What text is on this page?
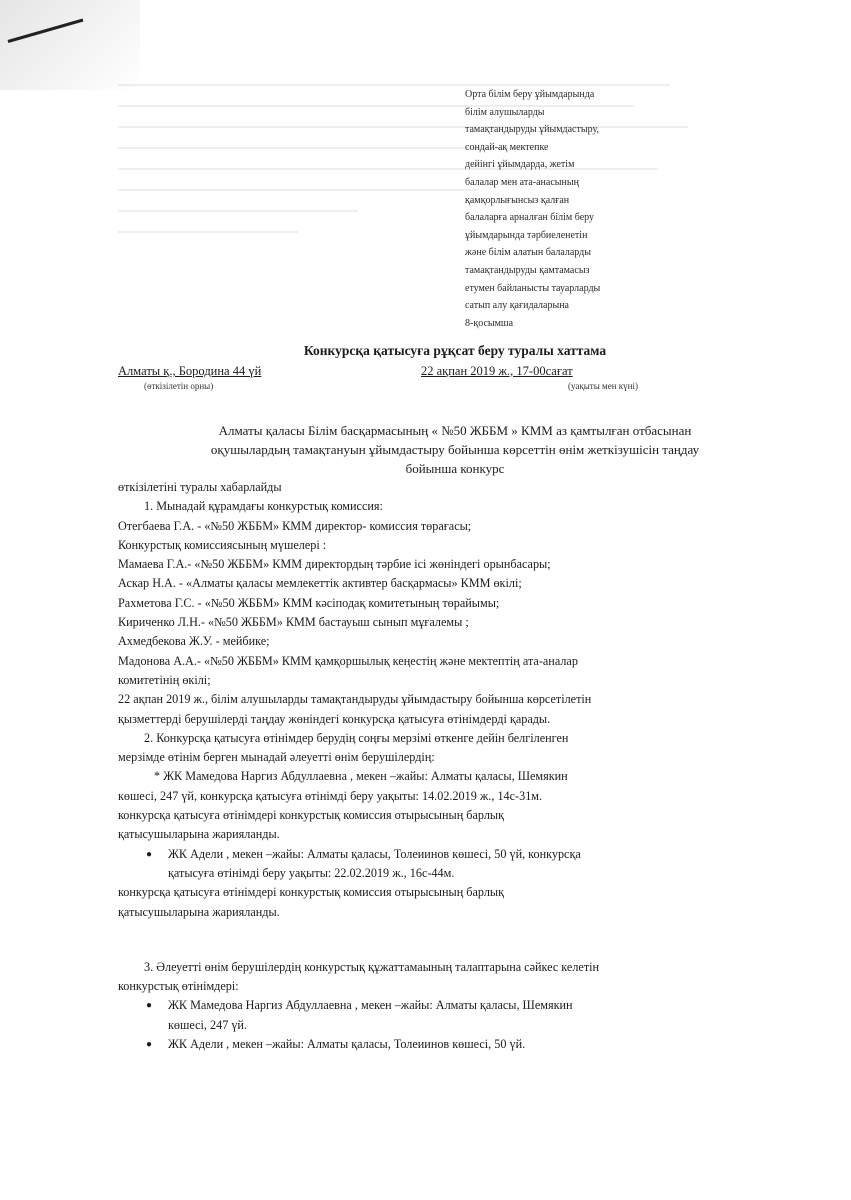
Орта білім беру ұйымдарында
білім алушыларды
тамақтандыруды ұйымдастыру,
сондай-ақ мектепке
дейінгі ұйымдарда, жетім
балалар мен ата-анасының
қамқорлығынсыз қалған
балаларға арналған білім беру
ұйымдарында тәрбиеленетін
және білім алатын балаларды
тамақтандыруды қамтамасыз
етумен байланысты тауарларды
сатып алу қағидаларына
8-қосымша
Конкурсқа қатысуға рұқсат беру туралы хаттама
Алматы қ., Бородина 44 үй	22 ақпан 2019 ж., 17-00сағат
(өткізілетін орны)	(уақыты мен күні)
Алматы қаласы Білім басқармасының « №50 ЖББМ » КММ аз қамтылған отбасынан
оқушылардың тамақтануын ұйымдастыру бойынша көрсеттін өнім жеткізушісін таңдау
бойынша конкурс

өткізілетіні туралы хабарлайды

1. Мынадай құрамдағы конкурстық комиссия:

Отегбаева Г.А. - «№50 ЖББМ» КММ директор- комиссия төрағасы;

Конкурстық комиссиясының мүшелері :

Мамаева Г.А.- «№50 ЖББМ» КММ директордың тәрбие ісі жөніндегі орынбасары;

Аскар Н.А. - «Алматы қаласы мемлекеттік активтер басқармасы» КММ өкілі;

Рахметова Г.С. - «№50 ЖББМ» КММ кәсіподақ комитетының төрайымы;

Кириченко Л.Н.- «№50 ЖББМ» КММ бастауыш сынып мұғалемы ;

Ахмедбекова Ж.У. - мейбике;

Мадонова А.А.- «№50 ЖББМ» КММ қамқоршылық кеңестің және мектептің ата-аналар

комитетінің өкілі;

22 ақпан 2019 ж., білім алушыларды тамақтандыруды ұйымдастыру бойынша көрсетілетін

қызметтерді берушілерді таңдау жөніндегі конкурсқа қатысуға өтінімдерді қарады.

2. Конкурсқа қатысуға өтінімдер берудің соңғы мерзімі өткенге дейін белгіленген

мерзімде өтінім берген мынадай әлеуетті өнім берушілердің:

* ЖК Мамедова Наргиз Абдуллаевна , мекен –жайы: Алматы қаласы, Шемякин

көшесі, 247 үй, конкурсқа қатысуға өтінімді беру уақыты: 14.02.2019 ж., 14с-31м.

конкурсқа қатысуға өтінімдері конкурстық комиссия отырысының барлық

қатысушыларына жарияланды.

● ЖК Адели , мекен –жайы: Алматы қаласы, Толеиинов көшесі, 50 үй, конкурсқа

қатысуға өтінімді беру уақыты: 22.02.2019 ж., 16с-44м.

конкурсқа қатысуға өтінімдері конкурстық комиссия отырысының барлық

қатысушыларына жарияланды.

3. Әлеуетті өнім берушілердің конкурстық құжаттамаының талаптарына сәйкес келетін

конкурстық өтінімдері:

● ЖК Мамедова Наргиз Абдуллаевна , мекен –жайы: Алматы қаласы, Шемякин

көшесі, 247 үй.

● ЖК Адели , мекен –жайы: Алматы қаласы, Толеиинов көшесі, 50 үй.
